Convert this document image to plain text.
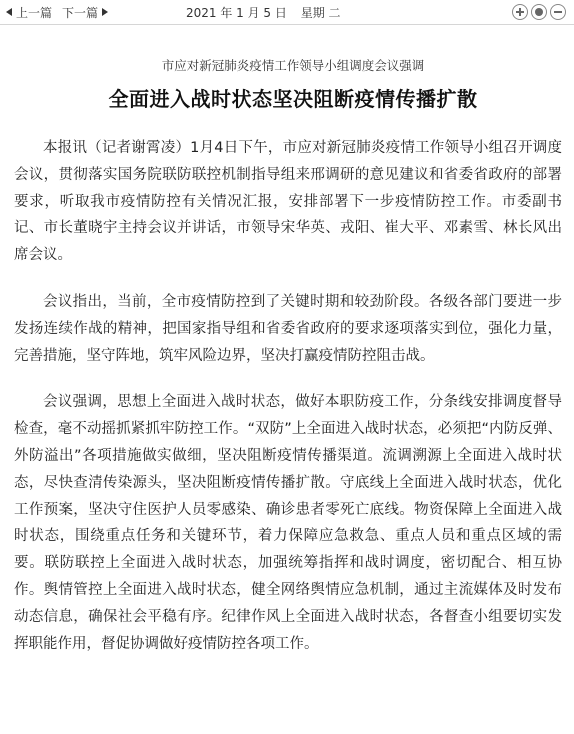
上一篇 下一篇	2021 年 1 月 5 日 星期 二
市应对新冠肺炎疫情工作领导小组调度会议强调
全面进入战时状态坚决阻断疫情传播扩散

本报讯（记者谢霄凌）1月4日下午，市应对新冠肺炎疫情工作领导小组召开调度会议，贯彻落实国务院联防联控机制指导组来邢调研的意见建议和省委省政府的部署要求，听取我市疫情防控有关情况汇报，安排部署下一步疫情防控工作。市委副书记、市长董晓宇主持会议并讲话，市领导宋华英、戎阳、崔大平、邓素雪、林长风出席会议。

会议指出，当前，全市疫情防控到了关键时期和较劲阶段。各级各部门要进一步发扬连续作战的精神，把国家指导组和省委省政府的要求逐项落实到位，强化力量，完善措施，坚守阵地，筑牢风险边界，坚决打赢疫情防控阻击战。

会议强调，思想上全面进入战时状态，做好本职防疫工作，分条线安排调度督导检查，毫不动摇抓紧抓牢防控工作。“双防”上全面进入战时状态，必须把“内防反弹、外防溢出”各项措施做实做细，坚决阻断疫情传播渠道。流调溯源上全面进入战时状态，尽快查清传染源头，坚决阻断疫情传播扩散。守底线上全面进入战时状态，优化工作预案，坚决守住医护人员零感染、确诊患者零死亡底线。物资保障上全面进入战时状态，围绕重点任务和关键环节，着力保障应急救急、重点人员和重点区域的需要。联防联控上全面进入战时状态，加强统筹指挥和战时调度，密切配合、相互协作。舆情管控上全面进入战时状态，健全网络舆情应急机制，通过主流媒体及时发布动态信息，确保社会平稳有序。纪律作风上全面进入战时状态，各督查小组要切实发挥职能作用，督促协调做好疫情防控各项工作。
